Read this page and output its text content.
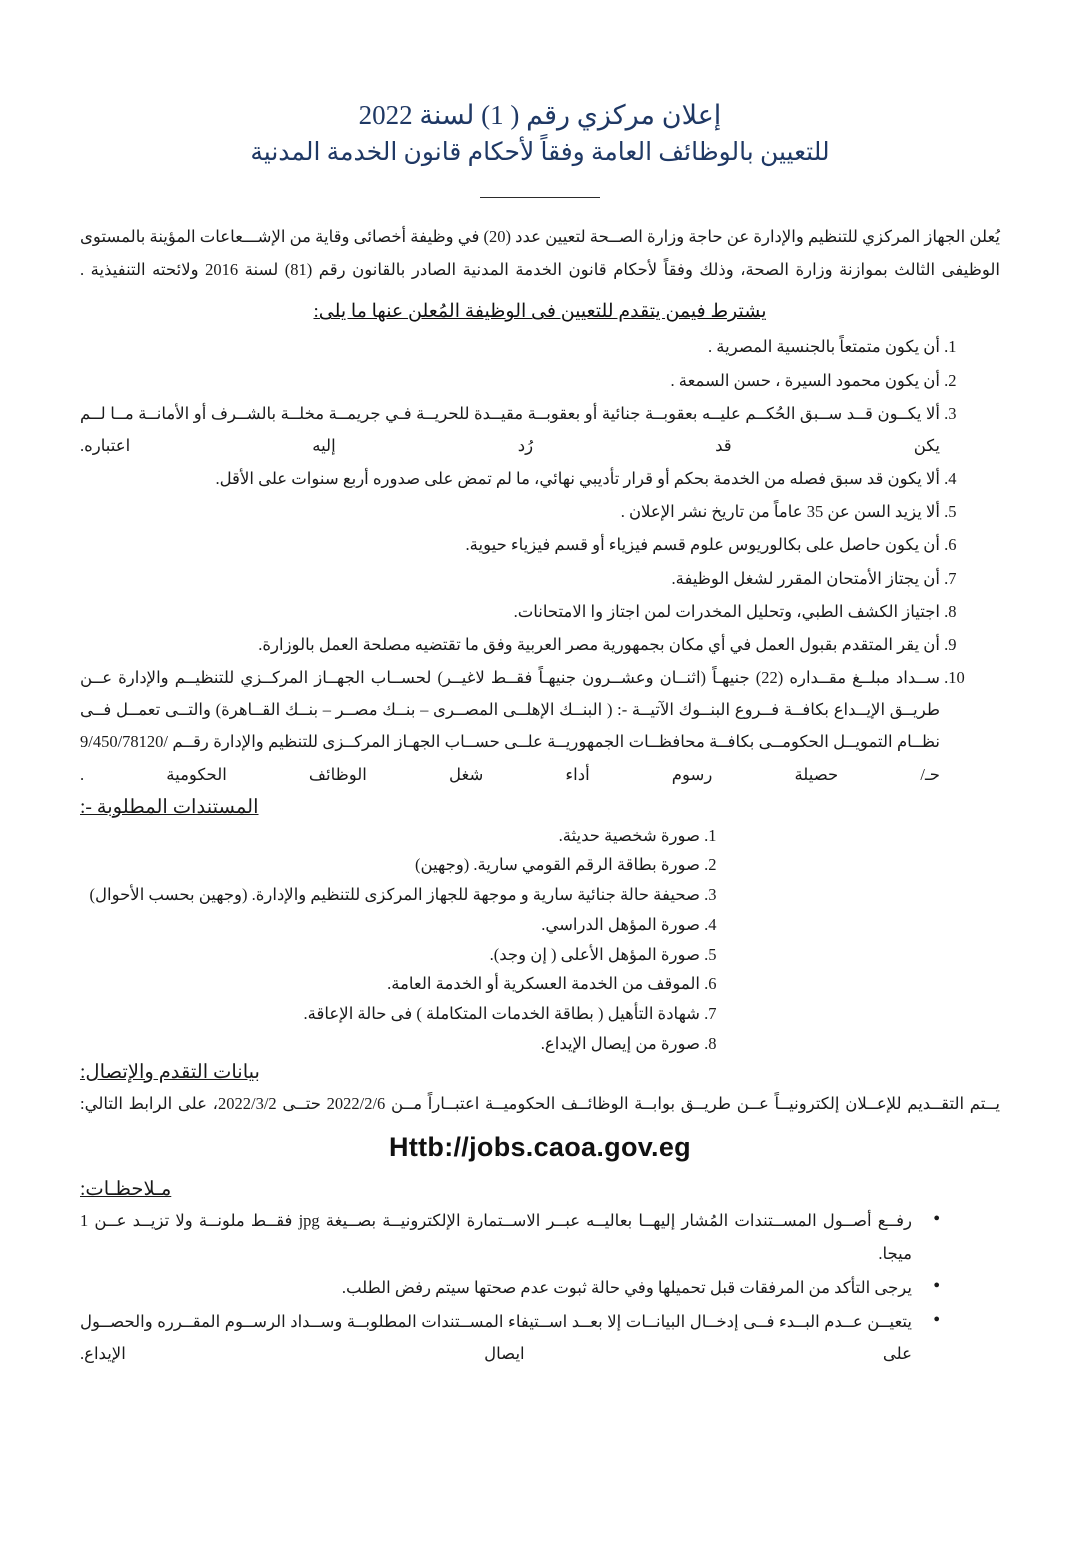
إعلان مركزي رقم ( 1) لسنة 2022
للتعيين بالوظائف العامة وفقاً لأحكام قانون الخدمة المدنية

يُعلن الجهاز المركزي للتنظيم والإدارة عن حاجة وزارة الصــحة لتعيين عدد (20) في وظيفة أخصائى وقاية من الإشـــعاعات المؤينة بالمستوى الوظيفى الثالث بموازنة وزارة الصحة، وذلك وفقاً لأحكام قانون الخدمة المدنية الصادر بالقانون رقم (81) لسنة 2016 ولائحته التنفيذية .

يشترط فيمن يتقدم للتعيين فى الوظيفة المُعلن عنها ما يلى:
1. أن يكون متمتعاً بالجنسية المصرية .
2. أن يكون محمود السيرة ، حسن السمعة .
3. ألا يكــون قــد ســبق الحُكــم عليــه بعقوبــة جنائية أو بعقوبــة مقيــدة للحريــة فـي جريمــة مخلــة بالشــرف أو الأمانــة مــا لــم يكن قد رُد إليه اعتباره.
4. ألا يكون قد سبق فصله من الخدمة بحكم أو قرار تأديبي نهائي، ما لم تمض على صدوره أربع سنوات على الأقل.
5. ألا يزيد السن عن 35 عاماً من تاريخ نشر الإعلان .
6. أن يكون حاصل على بكالوريوس علوم قسم فيزياء أو قسم فيزياء حيوية.
7. أن يجتاز الأمتحان المقرر لشغل الوظيفة.
8. اجتياز الكشف الطبي، وتحليل المخدرات لمن اجتاز وا الامتحانات.
9. أن يقر المتقدم بقبول العمل في أي مكان بجمهورية مصر العربية وفق ما تقتضيه مصلحة العمل بالوزارة.
10. ســداد مبلــغ مقــداره (22) جنيهـاً (اثنــان وعشــرون جنيهـاً فقــط لاغيــر) لحســاب الجهــاز المركــزي للتنظيــم والإدارة عــن طريــق الإيــداع بكافــة فــروع البنــوك الآتيــة -: ( البنــك الإهلــى المصــرى – بنــك مصــر – بنــك القــاهرة) والتــى تعمــل فــى نظــام التمويــل الحكومــى بكافــة محافظــات الجمهوريــة علــى حســاب الجهـاز المركــزى للتنظيم والإدارة رقــم /9/450/78120 حـ/ حصيلة رسوم أداء شغل الوظائف الحكومية .
المستندات المطلوبة -:
1. صورة شخصية حديثة.
2. صورة بطاقة الرقم القومي سارية. (وجهين)
3. صحيفة حالة جنائية سارية و موجهة للجهاز المركزى للتنظيم والإدارة. (وجهين بحسب الأحوال)
4. صورة المؤهل الدراسي.
5. صورة المؤهل الأعلى ( إن وجد).
6. الموقف من الخدمة العسكرية أو الخدمة العامة.
7. شهادة التأهيل ( بطاقة الخدمات المتكاملة ) فى حالة الإعاقة.
8. صورة من إيصال الإيداع.
بيانات التقدم والإتصال:

يــتم التقــديم للإعــلان إلكترونيــاً عــن طريــق بوابــة الوظائــف الحكوميــة اعتبــاراً مــن 2022/2/6 حتــى 2022/3/2، على الرابط التالي:

Httb://jobs.caoa.gov.eg
مـلاحظـات:
● رفــع أصــول المســتندات المُشار إليهــا بعاليــه عبــر الاســتمارة الإلكترونيــة بصــيغة jpg فقــط ملونــة ولا تزيــد عــن 1 ميجا.
● يرجى التأكد من المرفقات قبل تحميلها وفي حالة ثبوت عدم صحتها سيتم رفض الطلب.
● يتعيــن عــدم البــدء فــى إدخــال البيانــات إلا بعــد اســتيفاء المســتندات المطلوبــة وســداد الرســوم المقــرره والحصــول على ايصال الإيداع.
